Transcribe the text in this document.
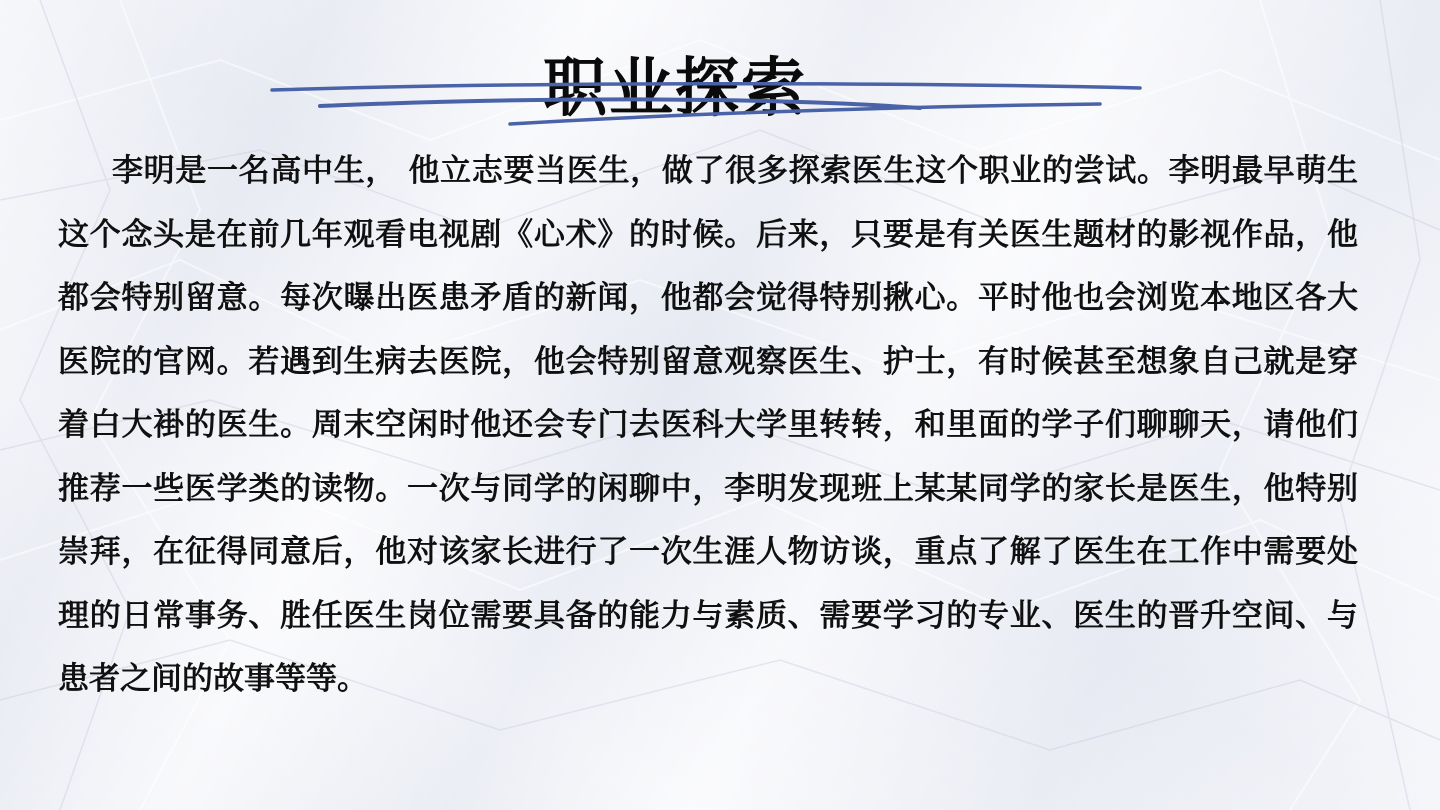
职业探索

李明是一名高中生， 他立志要当医生，做了很多探索医生这个职业的尝试。李明最早萌生这个念头是在前几年观看电视剧《心术》的时候。后来，只要是有关医生题材的影视作品，他都会特别留意。每次曝出医患矛盾的新闻，他都会觉得特别揪心。平时他也会浏览本地区各大医院的官网。若遇到生病去医院，他会特别留意观察医生、护士，有时候甚至想象自己就是穿着白大褂的医生。周末空闲时他还会专门去医科大学里转转，和里面的学子们聊聊天，请他们推荐一些医学类的读物。一次与同学的闲聊中，李明发现班上某某同学的家长是医生，他特别崇拜，在征得同意后，他对该家长进行了一次生涯人物访谈，重点了解了医生在工作中需要处理的日常事务、胜任医生岗位需要具备的能力与素质、需要学习的专业、医生的晋升空间、与患者之间的故事等等。
